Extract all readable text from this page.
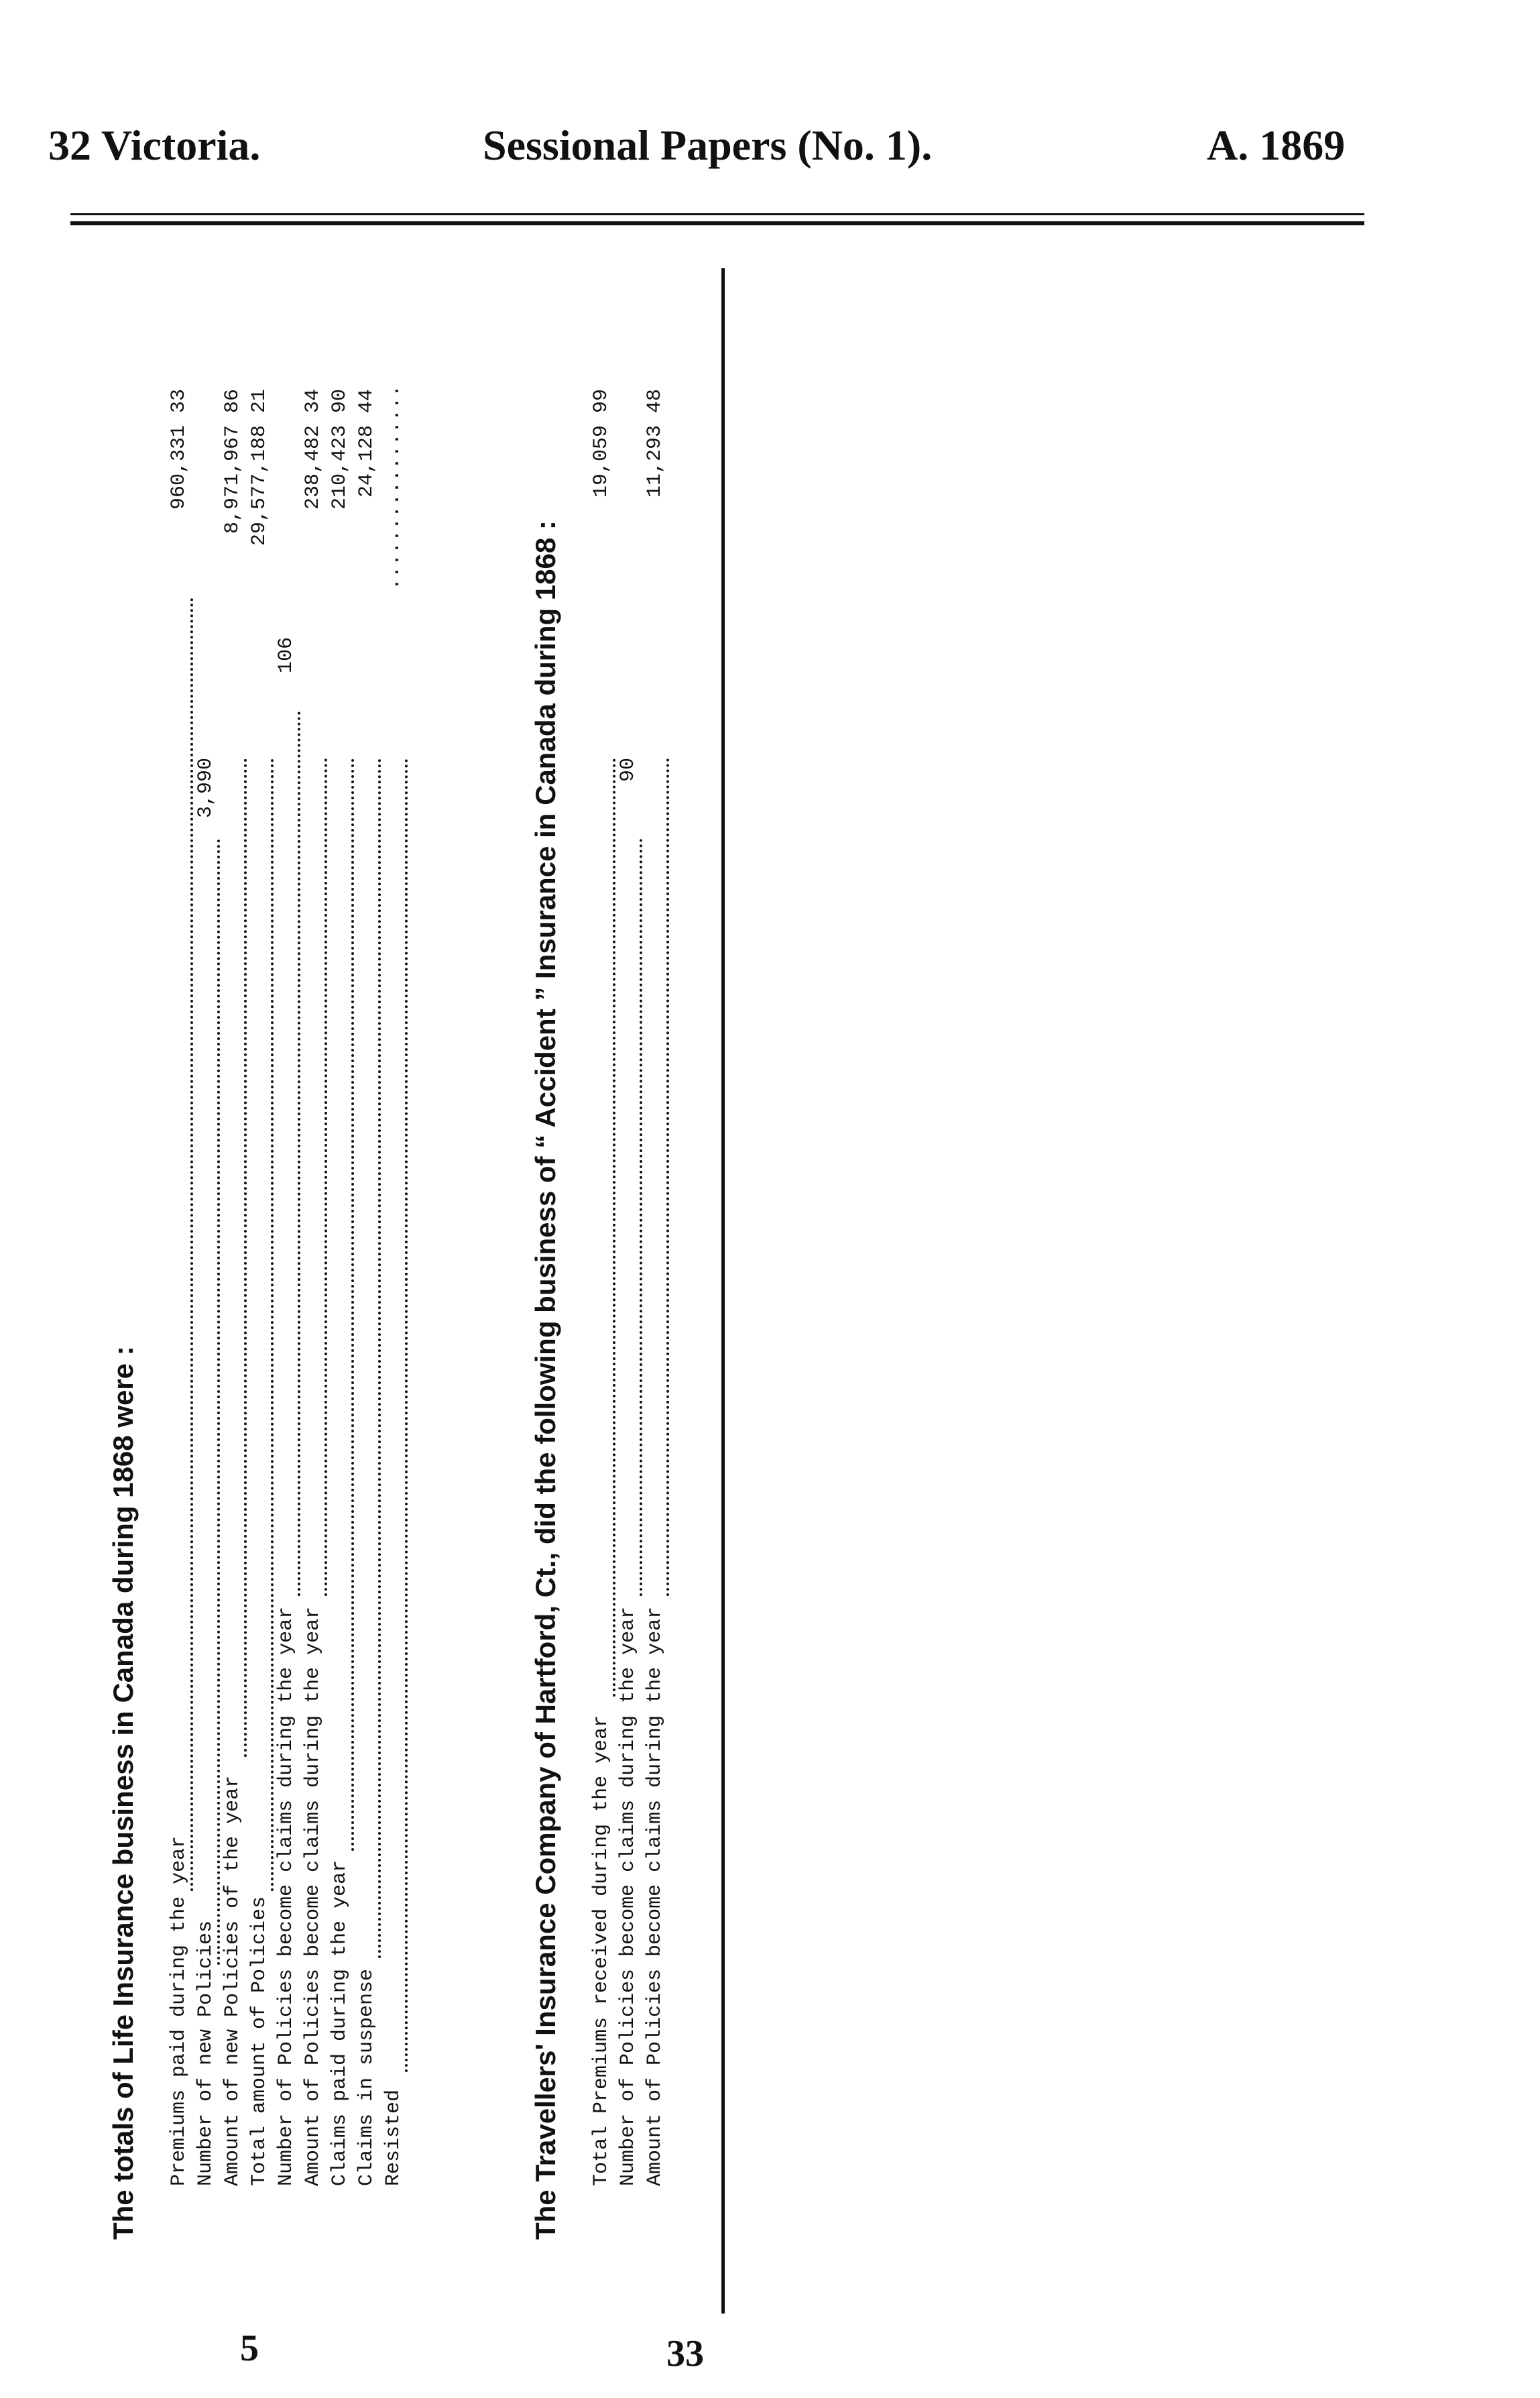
32 Victoria.	Sessional Papers (No. 1).	A. 1869
The totals of Life Insurance business in Canada during 1868 were : Premiums paid during the year
960,331 33
Number of new Policies
3,990
Amount of new Policies of the year
8,971,967 86
Total amount of Policies
29,577,188 21
Number of Policies become claims during the year
106
Amount of Policies become claims during the year
238,482 34
Claims paid during the year
210,423 90
Claims in suspense
24,128 44
Resisted
.................
The Travellers' Insurance Company of Hartford, Ct., did the following business of “ Accident ” Insurance in Canada during 1868 : Total Premiums received during the year
19,059 99
Number of Policies become claims during the year
90
Amount of Policies become claims during the year
11,293 48
5	33
